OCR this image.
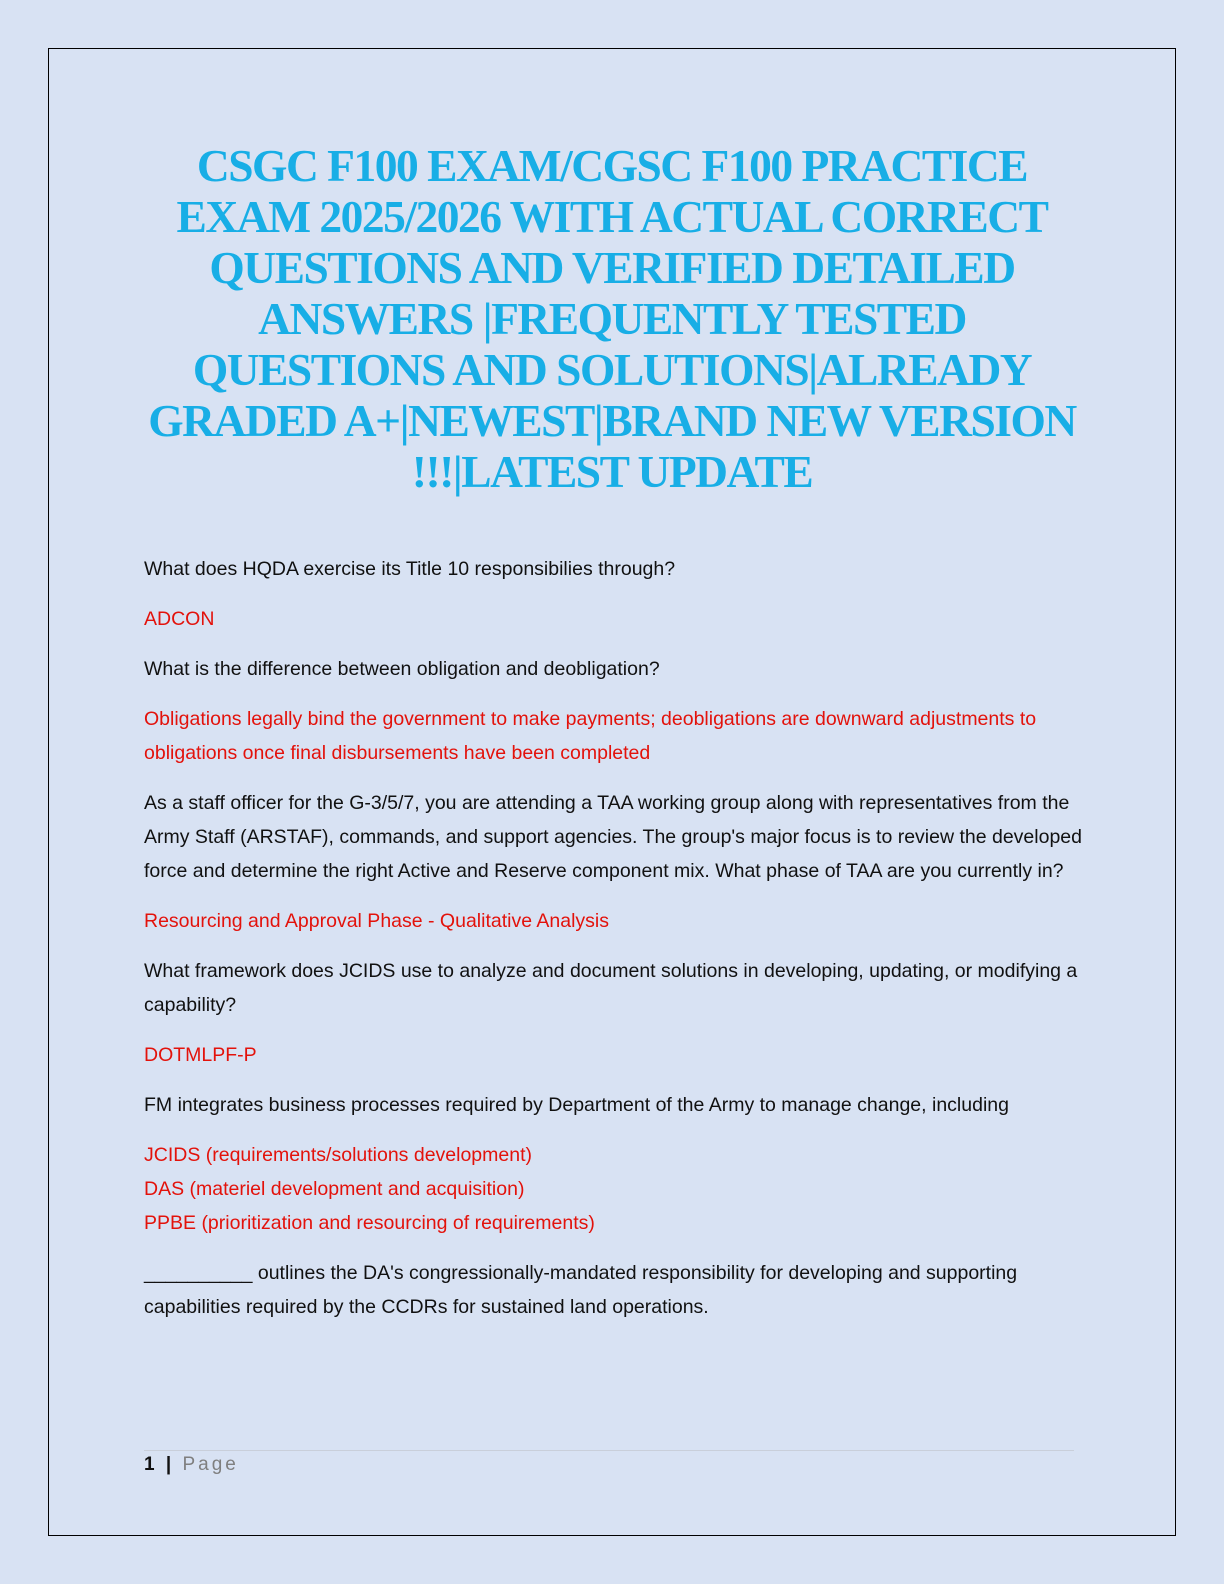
CSGC F100 EXAM/CGSC F100 PRACTICE
EXAM 2025/2026 WITH ACTUAL CORRECT
QUESTIONS AND VERIFIED DETAILED
ANSWERS |FREQUENTLY TESTED
QUESTIONS AND SOLUTIONS|ALREADY
GRADED A+|NEWEST|BRAND NEW VERSION
!!!|LATEST UPDATE

What does HQDA exercise its Title 10 responsibilies through?

ADCON

What is the difference between obligation and deobligation?

Obligations legally bind the government to make payments; deobligations are downward adjustments to obligations once final disbursements have been completed

As a staff officer for the G-3/5/7, you are attending a TAA working group along with representatives from the Army Staff (ARSTAF), commands, and support agencies. The group's major focus is to review the developed force and determine the right Active and Reserve component mix. What phase of TAA are you currently in?

Resourcing and Approval Phase - Qualitative Analysis

What framework does JCIDS use to analyze and document solutions in developing, updating, or modifying a capability?

DOTMLPF-P

FM integrates business processes required by Department of the Army to manage change, including

JCIDS (requirements/solutions development)
DAS (materiel development and acquisition)
PPBE (prioritization and resourcing of requirements)

__________ outlines the DA's congressionally-mandated responsibility for developing and supporting capabilities required by the CCDRs for sustained land operations.

1 | Page
